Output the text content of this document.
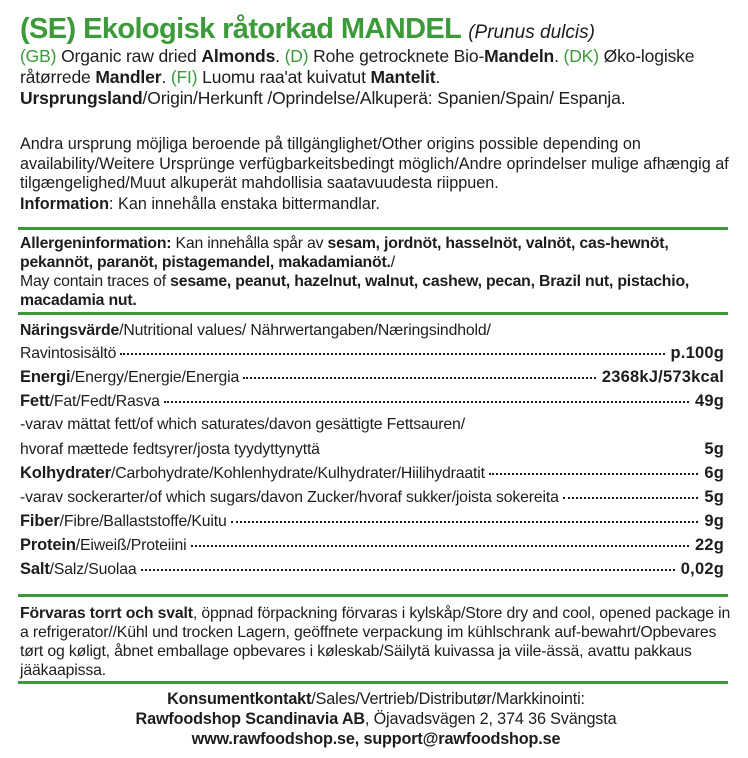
(SE) Ekologisk råtorkad MANDEL (Prunus dulcis)
(GB) Organic raw dried Almonds. (D) Rohe getrocknete Bio-Mandeln. (DK) Øko-logiske råtørrede Mandler. (FI) Luomu raa'at kuivatut Mantelit.
Ursprungsland/Origin/Herkunft /Oprindelse/Alkuperä: Spanien/Spain/ Espanja.
Andra ursprung möjliga beroende på tillgänglighet/Other origins possible depending on availability/Weitere Ursprünge verfügbarkeitsbedingt möglich/Andre oprindelser mulige afhængig af tilgængelighed/Muut alkuperät mahdollisia saatavuudesta riippuen.
Information: Kan innehålla enstaka bittermandlar.
Allergeninformation: Kan innehålla spår av sesam, jordnöt, hasselnöt, valnöt, cas-hewnöt, pekannöt, paranöt, pistagemandel, makadamianöt./
May contain traces of sesame, peanut, hazelnut, walnut, cashew, pecan, Brazil nut, pistachio, macadamia nut.
Näringsvärde/Nutritional values/ Nährwertangaben/Næringsindhold/
Ravintosisältö	p.100g
Energi/Energy/Energie/Energia	2368kJ/573kcal
Fett/Fat/Fedt/Rasva	49g
-varav mättat fett/of which saturates/davon gesättigte Fettsauren/
hvoraf mættede fedtsyrer/josta tyydyttynyttä	5g
Kolhydrater/Carbohydrate/Kohlenhydrate/Kulhydrater/Hiilihydraatit	6g
-varav sockerarter/of which sugars/davon Zucker/hvoraf sukker/joista sokereita	5g
Fiber/Fibre/Ballaststoffe/Kuitu	9g
Protein/Eiweiß/Proteiini	22g
Salt/Salz/Suolaa	0,02g
Förvaras torrt och svalt, öppnad förpackning förvaras i kylskåp/Store dry and cool, opened package in a refrigerator//Kühl und trocken Lagern, geöffnete verpackung im kühlschrank auf-bewahrt/Opbevares tørt og køligt, åbnet emballage opbevares i køleskab/Säilytä kuivassa ja viile-ässä, avattu pakkaus jääkaapissa.
Konsumentkontakt/Sales/Vertrieb/Distributør/Markkinointi:
Rawfoodshop Scandinavia AB, Öjavadsvägen 2, 374 36 Svängsta
www.rawfoodshop.se, support@rawfoodshop.se
